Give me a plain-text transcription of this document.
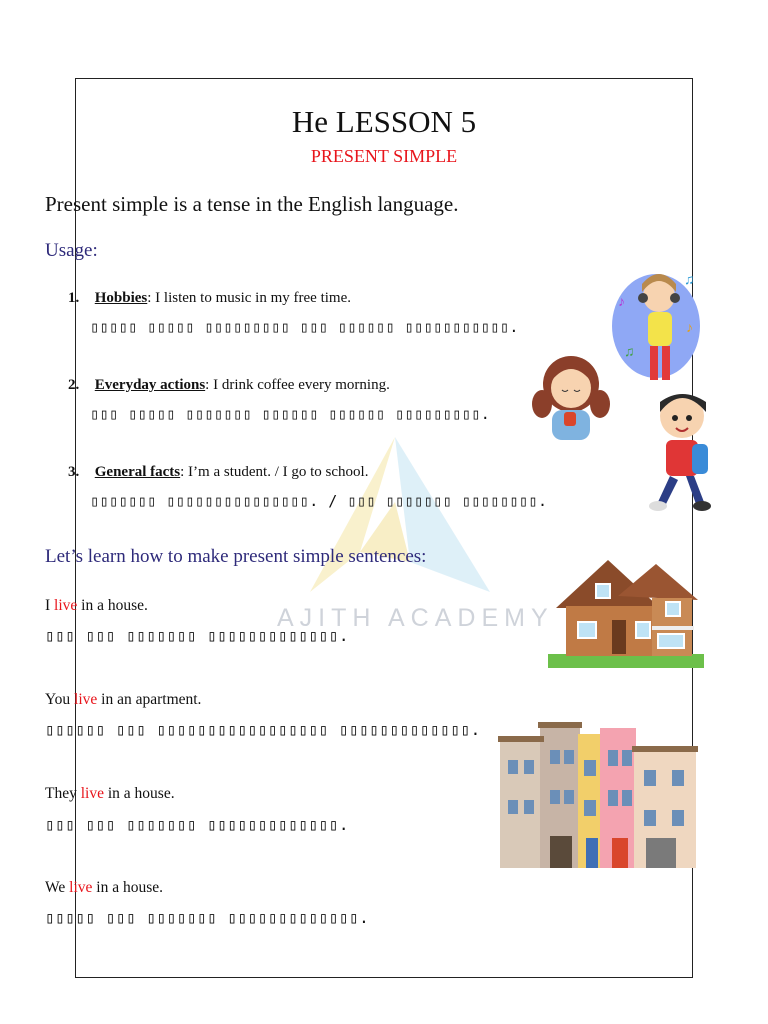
AJITH ACADEMY
He LESSON 5
PRESENT SIMPLE
Present simple is a tense in the English language.
Usage:
1. Hobbies: I listen to music in my free time.
▯▯▯▯▯ ▯▯▯▯▯ ▯▯▯▯▯▯▯▯▯ ▯▯▯ ▯▯▯▯▯▯ ▯▯▯▯▯▯▯▯▯▯▯.
2. Everyday actions: I drink coffee every morning.
▯▯▯ ▯▯▯▯▯ ▯▯▯▯▯▯▯ ▯▯▯▯▯▯ ▯▯▯▯▯▯ ▯▯▯▯▯▯▯▯▯.
3. General facts: I’m a student. / I go to school.
▯▯▯▯▯▯▯ ▯▯▯▯▯▯▯▯▯▯▯▯▯▯▯. / ▯▯▯ ▯▯▯▯▯▯▯ ▯▯▯▯▯▯▯▯.
Let’s learn how to make present simple sentences:
I live in a house.
▯▯▯ ▯▯▯ ▯▯▯▯▯▯▯ ▯▯▯▯▯▯▯▯▯▯▯▯▯.
You live in an apartment.
▯▯▯▯▯▯ ▯▯▯ ▯▯▯▯▯▯▯▯▯▯▯▯▯▯▯▯▯ ▯▯▯▯▯▯▯▯▯▯▯▯▯.
They live in a house.
▯▯▯ ▯▯▯ ▯▯▯▯▯▯▯ ▯▯▯▯▯▯▯▯▯▯▯▯▯.
We live in a house.
▯▯▯▯▯ ▯▯▯ ▯▯▯▯▯▯▯ ▯▯▯▯▯▯▯▯▯▯▯▯▯.
♪
♫
♪
♫
